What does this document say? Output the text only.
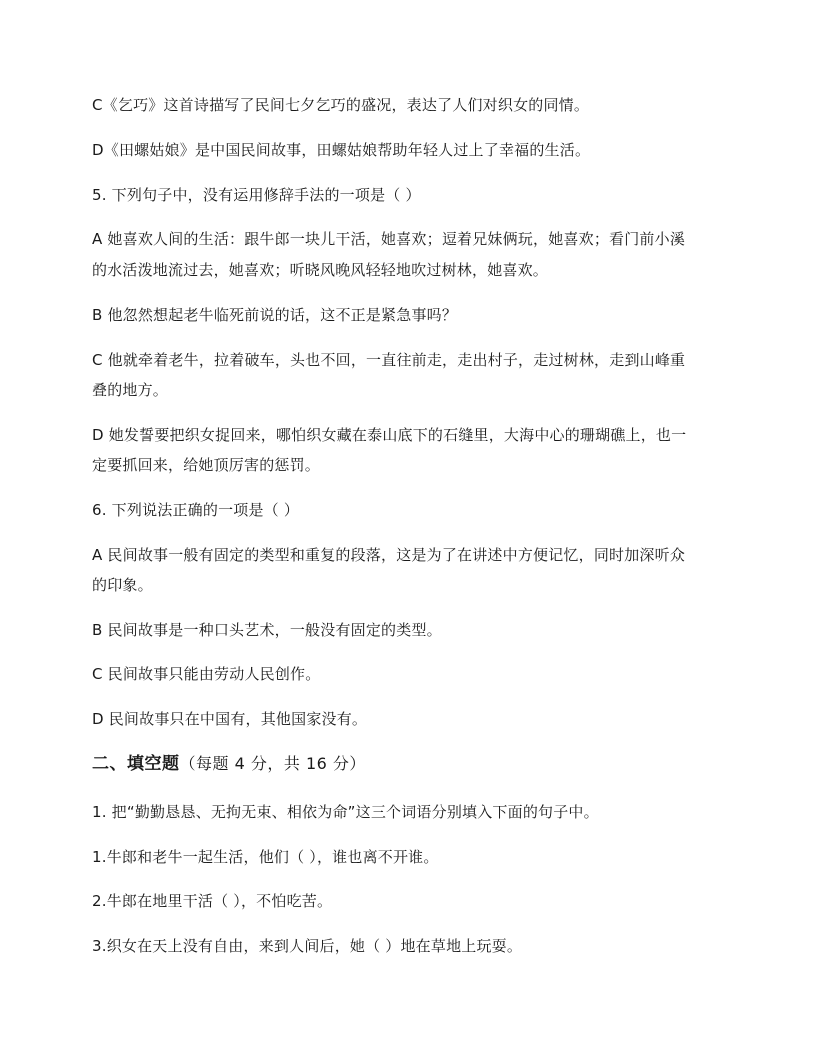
C《乞巧》这首诗描写了民间七夕乞巧的盛况，表达了人们对织女的同情。
D《田螺姑娘》是中国民间故事，田螺姑娘帮助年轻人过上了幸福的生活。
5. 下列句子中，没有运用修辞手法的一项是（ ）
A 她喜欢人间的生活：跟牛郎一块儿干活，她喜欢；逗着兄妹俩玩，她喜欢；看门前小溪
的水活泼地流过去，她喜欢；听晓风晚风轻轻地吹过树林，她喜欢。
B 他忽然想起老牛临死前说的话，这不正是紧急事吗？
C 他就牵着老牛，拉着破车，头也不回，一直往前走，走出村子，走过树林，走到山峰重
叠的地方。
D 她发誓要把织女捉回来，哪怕织女藏在泰山底下的石缝里，大海中心的珊瑚礁上，也一
定要抓回来，给她顶厉害的惩罚。
6. 下列说法正确的一项是（ ）
A 民间故事一般有固定的类型和重复的段落，这是为了在讲述中方便记忆，同时加深听众
的印象。
B 民间故事是一种口头艺术，一般没有固定的类型。
C 民间故事只能由劳动人民创作。
D 民间故事只在中国有，其他国家没有。
二、填空题（每题 4 分，共 16 分）
1. 把“勤勤恳恳、无拘无束、相依为命”这三个词语分别填入下面的句子中。
1.牛郎和老牛一起生活，他们（ ），谁也离不开谁。
2.牛郎在地里干活（ ），不怕吃苦。
3.织女在天上没有自由，来到人间后，她（ ）地在草地上玩耍。
